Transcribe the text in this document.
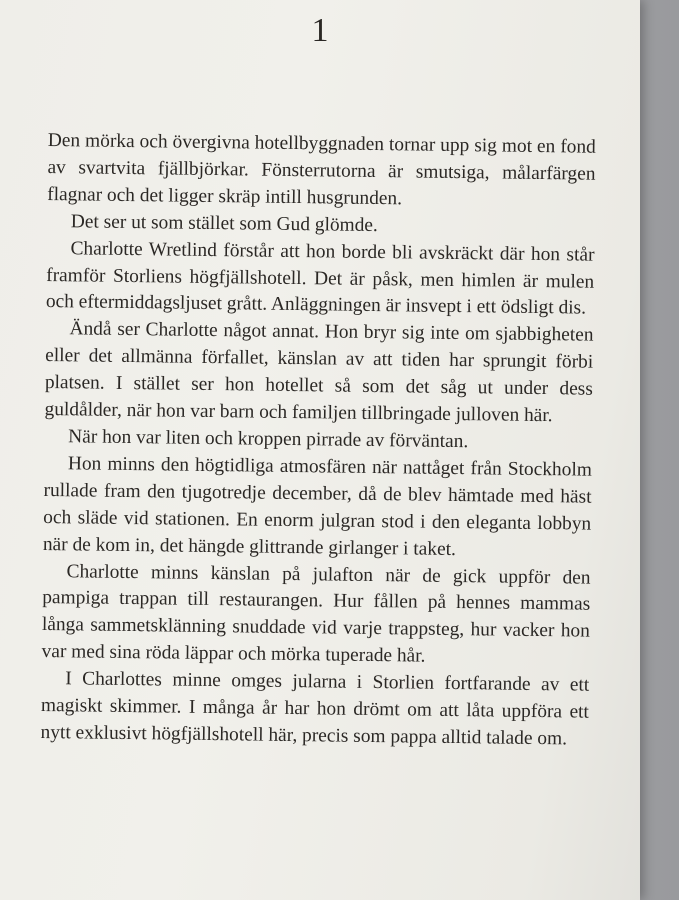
1

Den mörka och övergivna hotellbyggnaden tornar upp sig mot en fond av svartvita fjällbjörkar. Fönsterrutorna är smutsiga, målarfärgen flagnar och det ligger skräp intill husgrunden.

Det ser ut som stället som Gud glömde.

Charlotte Wretlind förstår att hon borde bli avskräckt där hon står framför Storliens högfjällshotell. Det är påsk, men himlen är mulen och eftermiddagsljuset grått. Anläggningen är insvept i ett ödsligt dis.

Ändå ser Charlotte något annat. Hon bryr sig inte om sjabbigheten eller det allmänna förfallet, känslan av att tiden har sprungit förbi platsen. I stället ser hon hotellet så som det såg ut under dess guldålder, när hon var barn och familjen tillbringade julloven här.

När hon var liten och kroppen pirrade av förväntan.

Hon minns den högtidliga atmosfären när nattåget från Stockholm rullade fram den tjugotredje december, då de blev hämtade med häst och släde vid stationen. En enorm julgran stod i den eleganta lobbyn när de kom in, det hängde glittrande girlanger i taket.

Charlotte minns känslan på julafton när de gick uppför den pampiga trappan till restaurangen. Hur fållen på hennes mammas långa sammetsklänning snuddade vid varje trappsteg, hur vacker hon var med sina röda läppar och mörka tuperade hår.

I Charlottes minne omges jularna i Storlien fortfarande av ett magiskt skimmer. I många år har hon drömt om att låta uppföra ett nytt exklusivt högfjällshotell här, precis som pappa alltid talade om.
